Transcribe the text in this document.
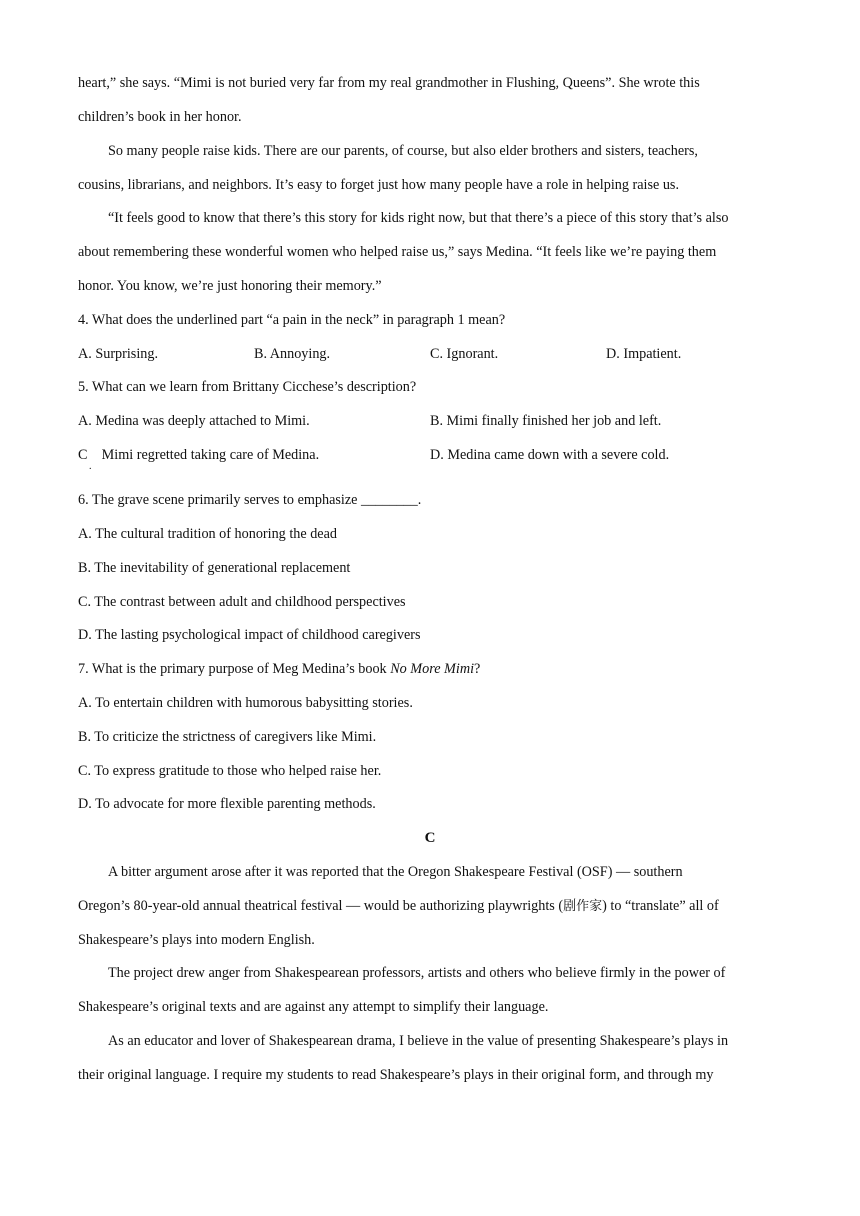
heart,” she says. “Mimi is not buried very far from my real grandmother in Flushing, Queens”. She wrote this
children’s book in her honor.
So many people raise kids. There are our parents, of course, but also elder brothers and sisters, teachers,
cousins, librarians, and neighbors. It’s easy to forget just how many people have a role in helping raise us.
“It feels good to know that there’s this story for kids right now, but that there’s a piece of this story that’s also
about remembering these wonderful women who helped raise us,” says Medina. “It feels like we’re paying them
honor. You know, we’re just honoring their memory.”
4. What does the underlined part “a pain in the neck” in paragraph 1 mean?
A. Surprising.	B. Annoying.	C. Ignorant.	D. Impatient.
5. What can we learn from Brittany Cicchese’s description?
A. Medina was deeply attached to Mimi.	B. Mimi finally finished her job and left.
C　Mimi regretted taking care of Medina.	D. Medina came down with a severe cold.
.
6. The grave scene primarily serves to emphasize ________.
A. The cultural tradition of honoring the dead
B. The inevitability of generational replacement
C. The contrast between adult and childhood perspectives
D. The lasting psychological impact of childhood caregivers
7. What is the primary purpose of Meg Medina’s book No More Mimi?
A. To entertain children with humorous babysitting stories.
B. To criticize the strictness of caregivers like Mimi.
C. To express gratitude to those who helped raise her.
D. To advocate for more flexible parenting methods.
C
A bitter argument arose after it was reported that the Oregon Shakespeare Festival (OSF) — southern
Oregon’s 80-year-old annual theatrical festival — would be authorizing playwrights (剧作家) to “translate” all of
Shakespeare’s plays into modern English.
The project drew anger from Shakespearean professors, artists and others who believe firmly in the power of
Shakespeare’s original texts and are against any attempt to simplify their language.
As an educator and lover of Shakespearean drama, I believe in the value of presenting Shakespeare’s plays in
their original language. I require my students to read Shakespeare’s plays in their original form, and through my
